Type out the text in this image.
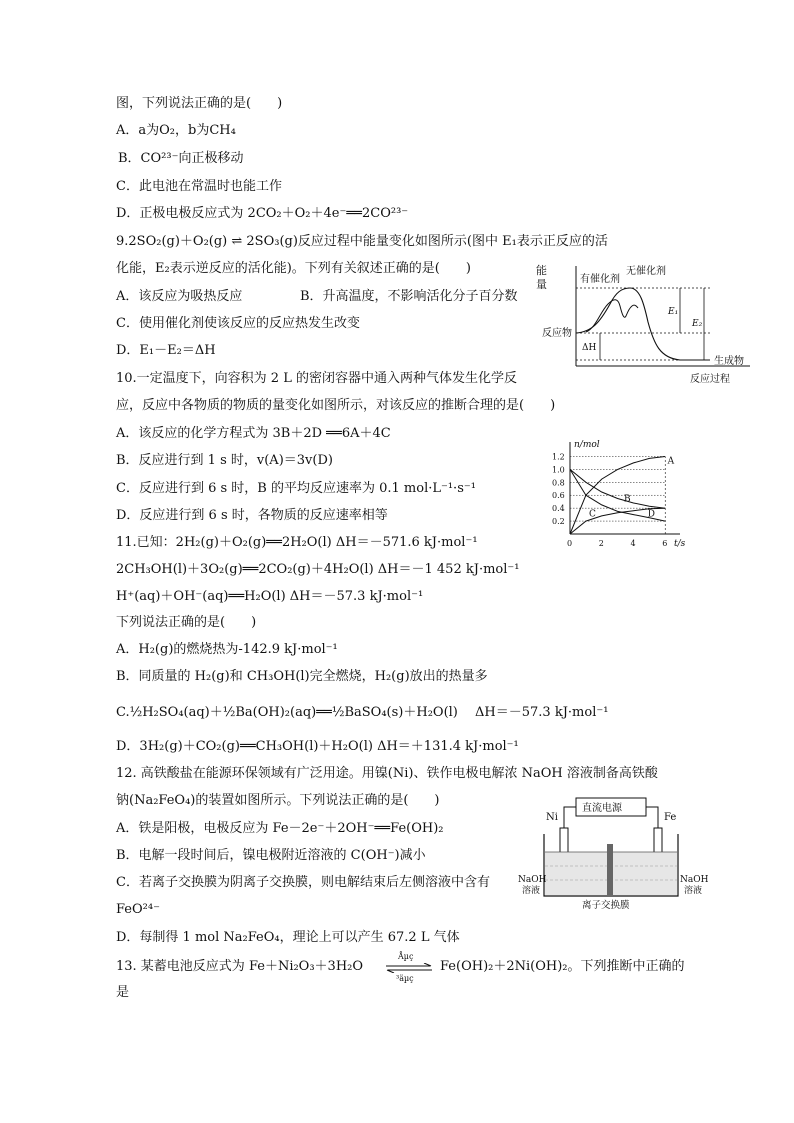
图，下列说法正确的是(　　)
A．a为O₂，b为CH₄
B．CO²³⁻向正极移动
C．此电池在常温时也能工作
D．正极电极反应式为 2CO₂＋O₂＋4e⁻══2CO²³⁻
9.2SO₂(g)＋O₂(g) ⇌ 2SO₃(g)反应过程中能量变化如图所示(图中 E₁表示正反应的活
化能，E₂表示逆反应的活化能)。下列有关叙述正确的是(　　)
A．该反应为吸热反应	B．升高温度，不影响活化分子百分数
C．使用催化剂使该反应的反应热发生改变
D．E₁－E₂＝ΔH
能
量	有催化剂
无催化剂
反应物
生成物
反应过程
E₁
E₂
ΔH
10.一定温度下，向容积为 2 L 的密闭容器中通入两种气体发生化学反
应，反应中各物质的物质的量变化如图所示，对该反应的推断合理的是(　　)
A．该反应的化学方程式为 3B＋2D ══6A＋4C
B．反应进行到 1 s 时，v(A)＝3v(D)
C．反应进行到 6 s 时，B 的平均反应速率为 0.1 mol·L⁻¹·s⁻¹
D．反应进行到 6 s 时，各物质的反应速率相等
n/mol
t/s
0.2
0.4
0.6
0.8
1.0
1.2
0	2	4	6
A
B
C	D
11.已知：2H₂(g)＋O₂(g)══2H₂O(l) ΔH＝－571.6 kJ·mol⁻¹
2CH₃OH(l)＋3O₂(g)══2CO₂(g)＋4H₂O(l) ΔH＝－1 452 kJ·mol⁻¹
H⁺(aq)＋OH⁻(aq)══H₂O(l) ΔH＝－57.3 kJ·mol⁻¹
下列说法正确的是(　　)
A．H₂(g)的燃烧热为-142.9 kJ·mol⁻¹
B．同质量的 H₂(g)和 CH₃OH(l)完全燃烧，H₂(g)放出的热量多
C.½H₂SO₄(aq)＋½Ba(OH)₂(aq)══½BaSO₄(s)＋H₂O(l)　 ΔH＝－57.3 kJ·mol⁻¹
D．3H₂(g)＋CO₂(g)══CH₃OH(l)＋H₂O(l) ΔH＝＋131.4 kJ·mol⁻¹
12. 高铁酸盐在能源环保领域有广泛用途。用镍(Ni)、铁作电极电解浓 NaOH 溶液制备高铁酸
钠(Na₂FeO₄)的装置如图所示。下列说法正确的是(　　)
A．铁是阳极，电极反应为 Fe－2e⁻＋2OH⁻══Fe(OH)₂
B．电解一段时间后，镍电极附近溶液的 C(OH⁻)减小
C．若离子交换膜为阴离子交换膜，则电解结束后左侧溶液中含有
FeO²⁴⁻
D．每制得 1 mol Na₂FeO₄，理论上可以产生 67.2 L 气体
直流电源
Ni	Fe
NaOH
溶液
NaOH
溶液
离子交换膜
13. 某蓄电池反应式为 Fe＋Ni₂O₃＋3H₂O
Åµç
³äµç
Fe(OH)₂＋2Ni(OH)₂。下列推断中正确的
是
